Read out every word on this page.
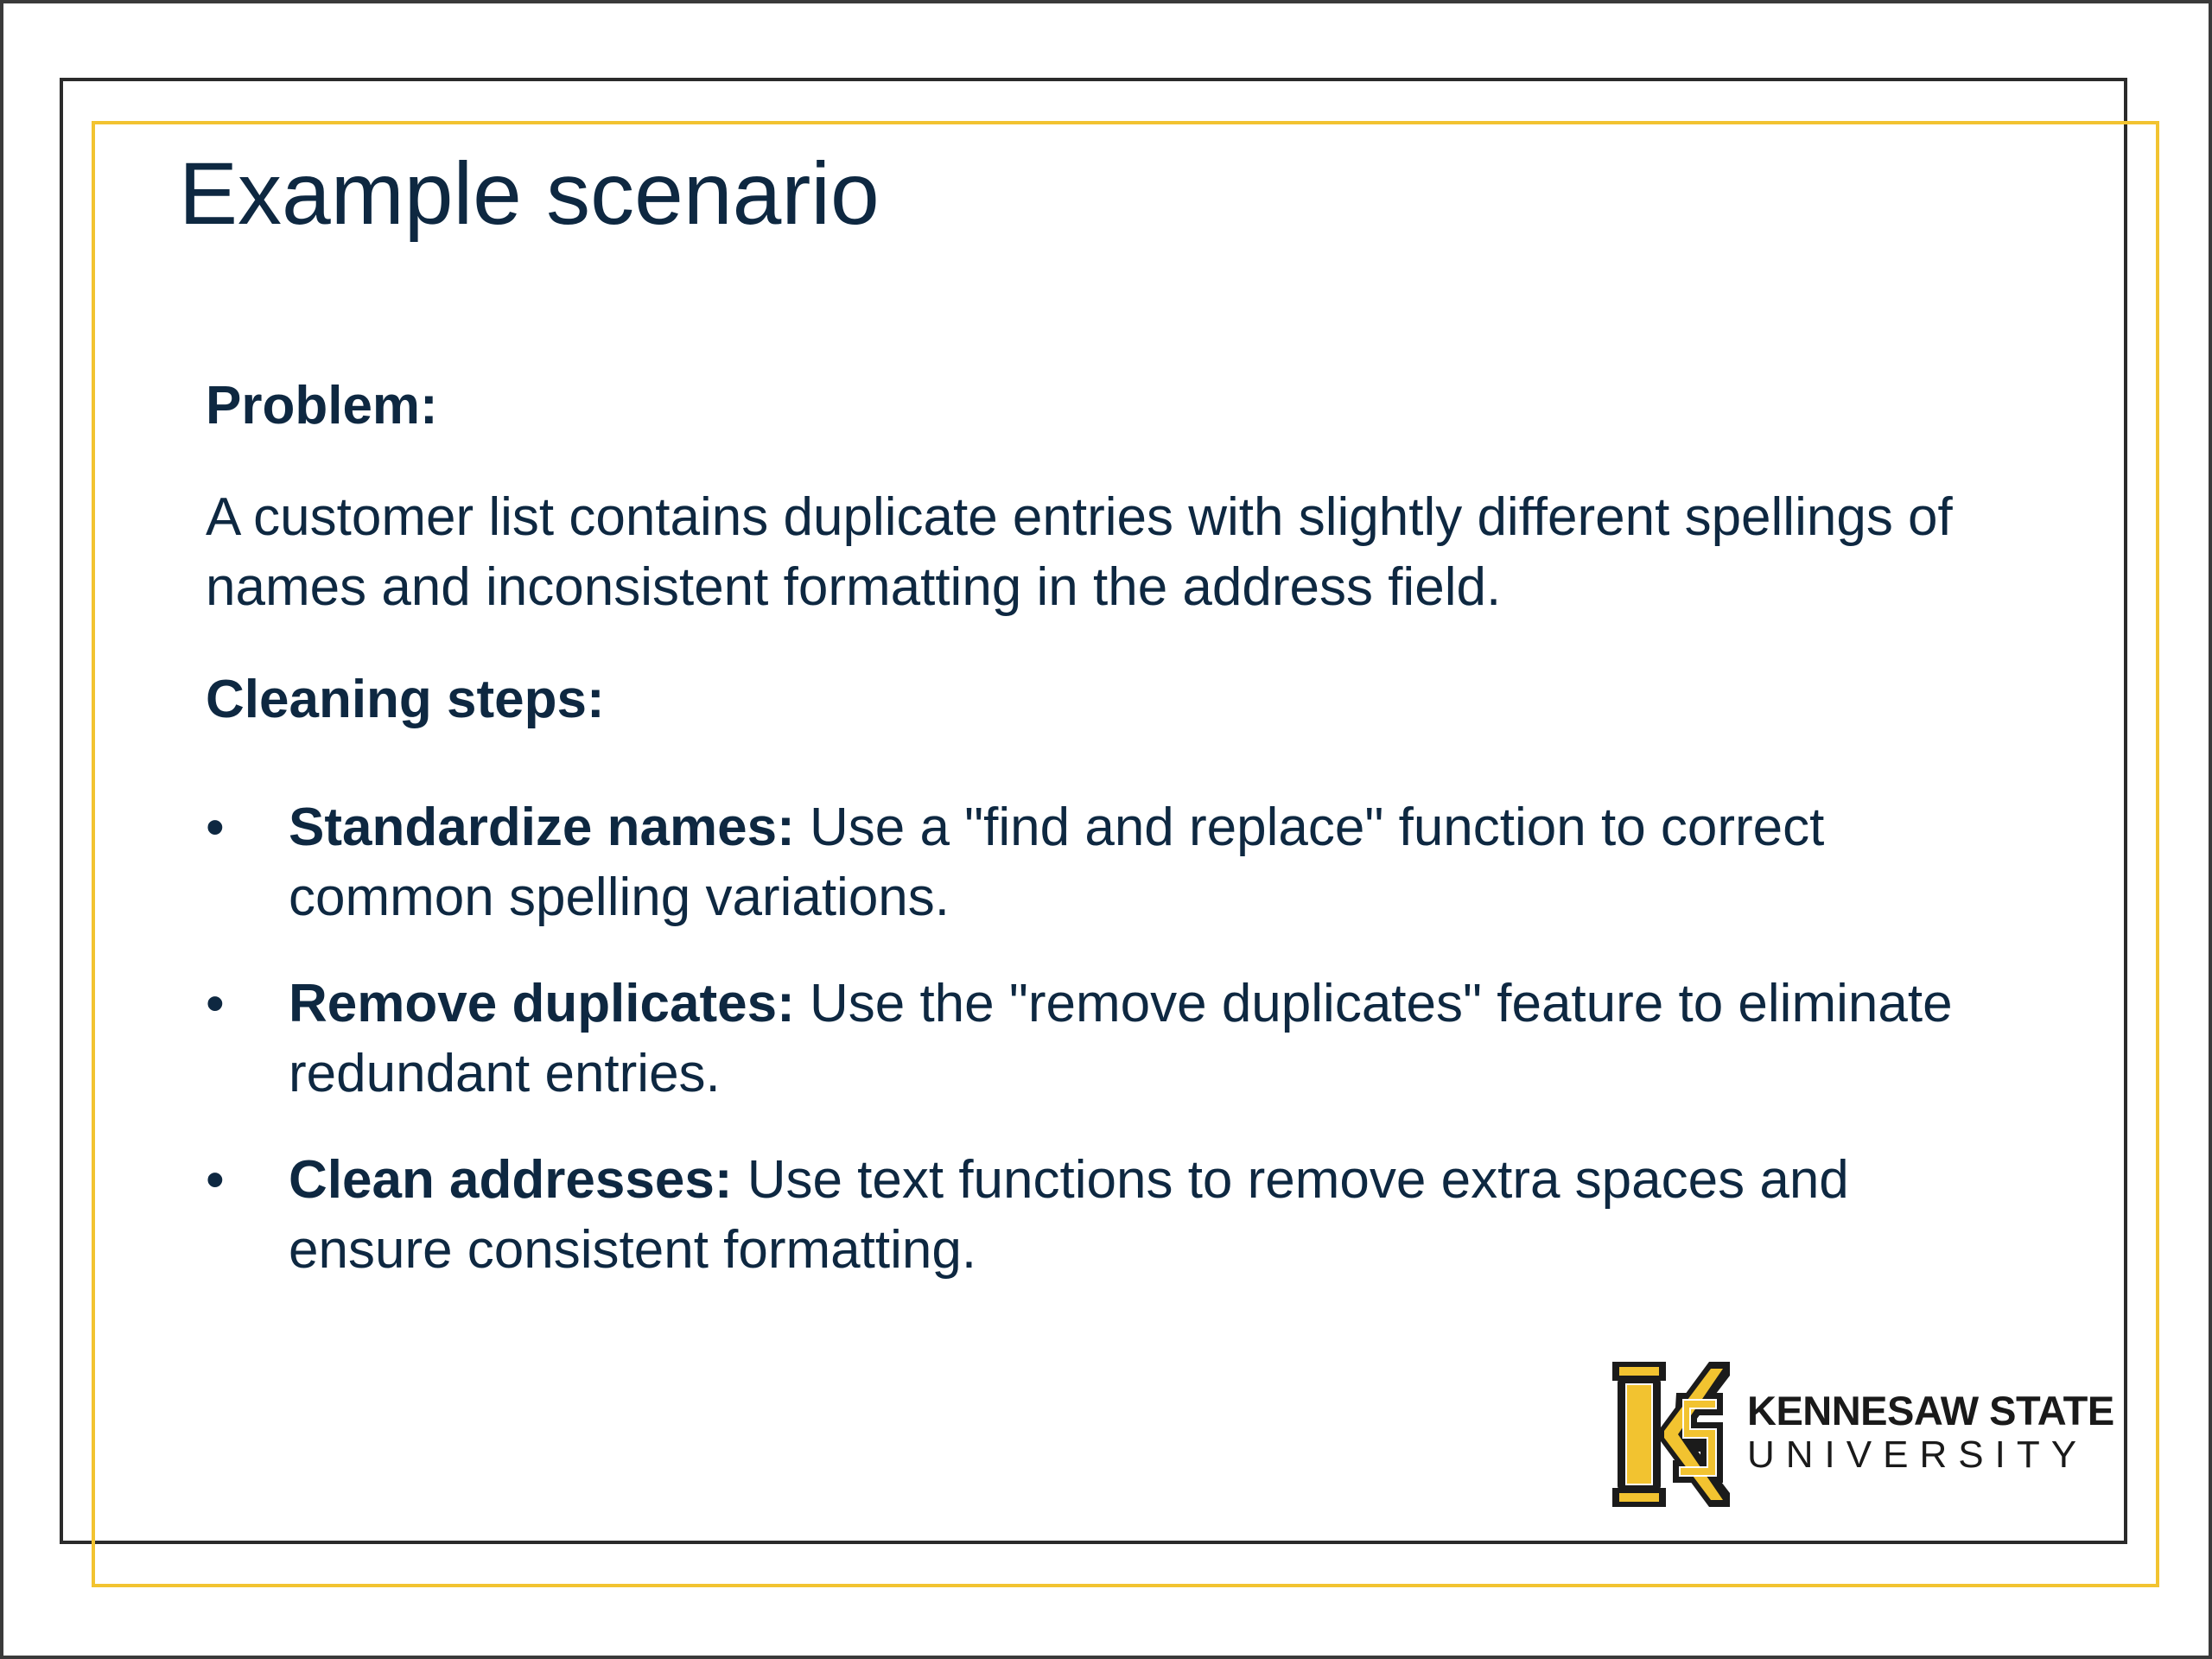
Example scenario

Problem:

A customer list contains duplicate entries with slightly different spellings of names and inconsistent formatting in the address field.

Cleaning steps:

• Standardize names: Use a "find and replace" function to correct common spelling variations.
• Remove duplicates: Use the "remove duplicates" feature to eliminate redundant entries.
• Clean addresses: Use text functions to remove extra spaces and ensure consistent formatting.
KENNESAW STATE
UNIVERSITY
